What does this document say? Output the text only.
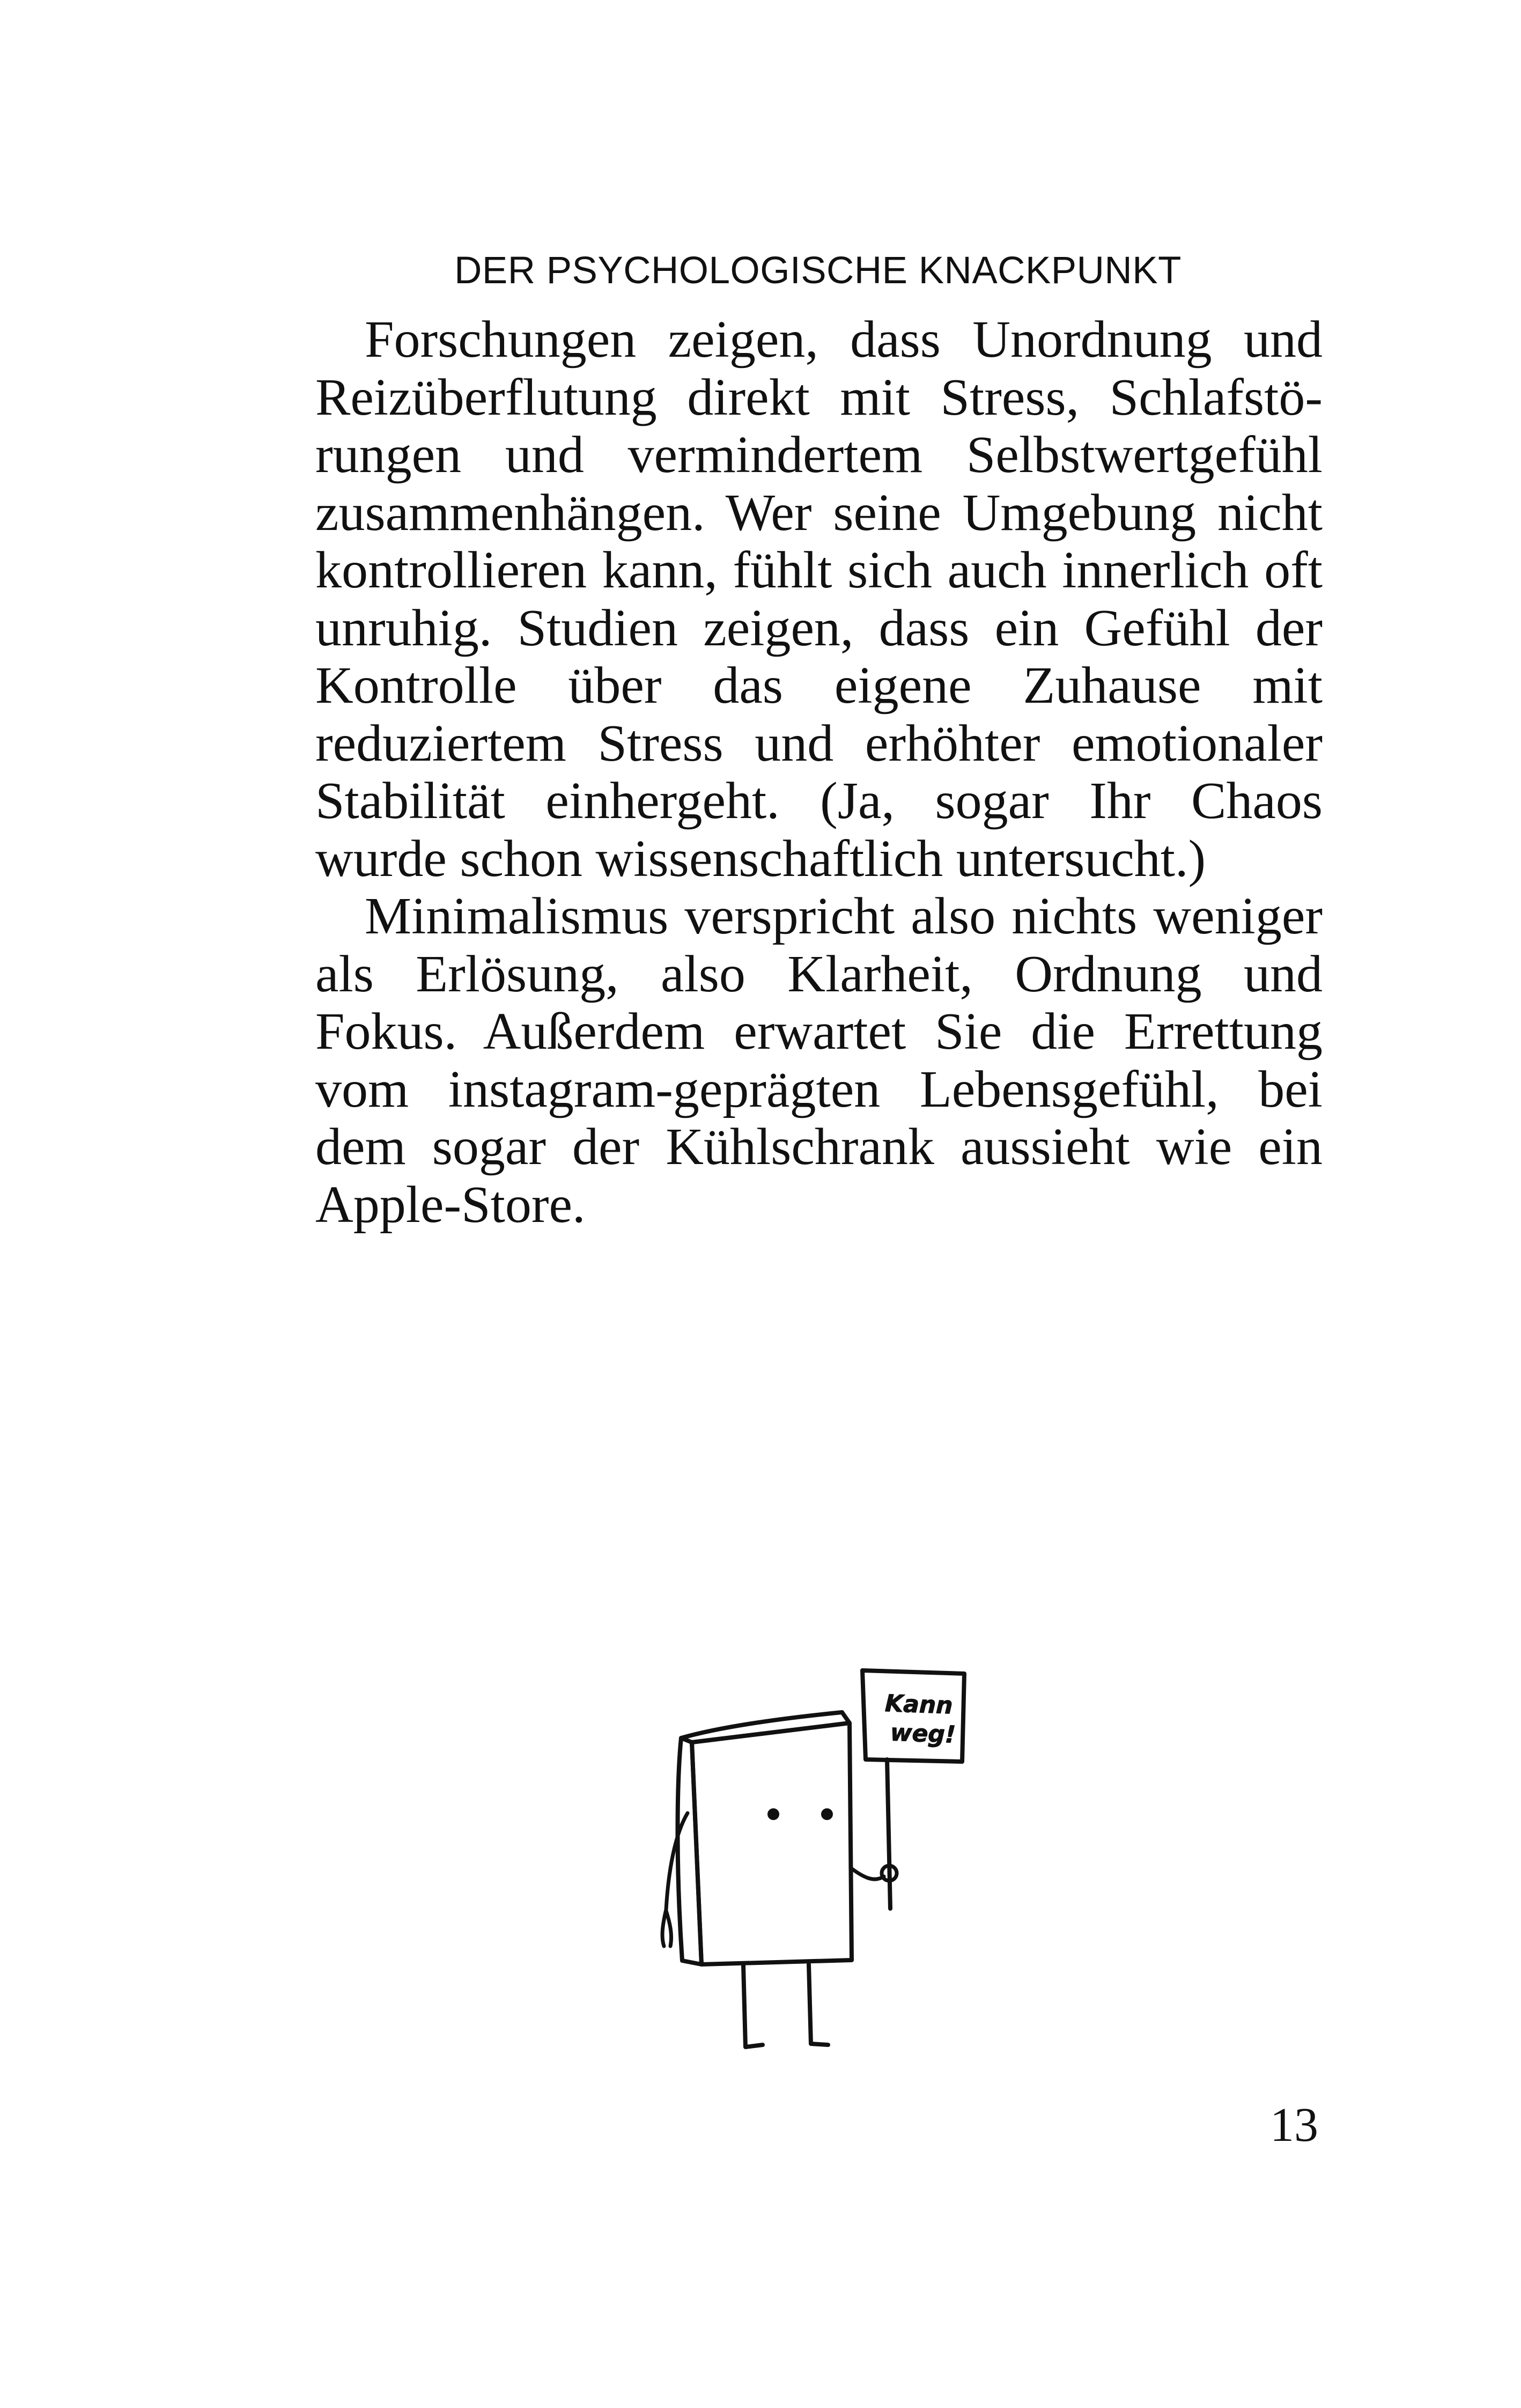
DER PSYCHOLOGISCHE KNACKPUNKT

Forschungen zeigen, dass Unordnung und Reizüberflutung direkt mit Stress, Schlafstörungen und vermindertem Selbstwertgefühl zusammenhängen. Wer seine Umgebung nicht kontrollieren kann, fühlt sich auch innerlich oft unruhig. Studien zeigen, dass ein Gefühl der Kontrolle über das eigene Zuhause mit reduziertem Stress und erhöhter emotionaler Stabilität einhergeht. (Ja, sogar Ihr Chaos wurde schon wissenschaftlich untersucht.)

Minimalismus verspricht also nichts weniger als Erlösung, also Klarheit, Ordnung und Fokus. Außerdem erwartet Sie die Errettung vom instagram-geprägten Lebensgefühl, bei dem sogar der Kühlschrank aussieht wie ein Apple-Store.

Kann
weg!
13
